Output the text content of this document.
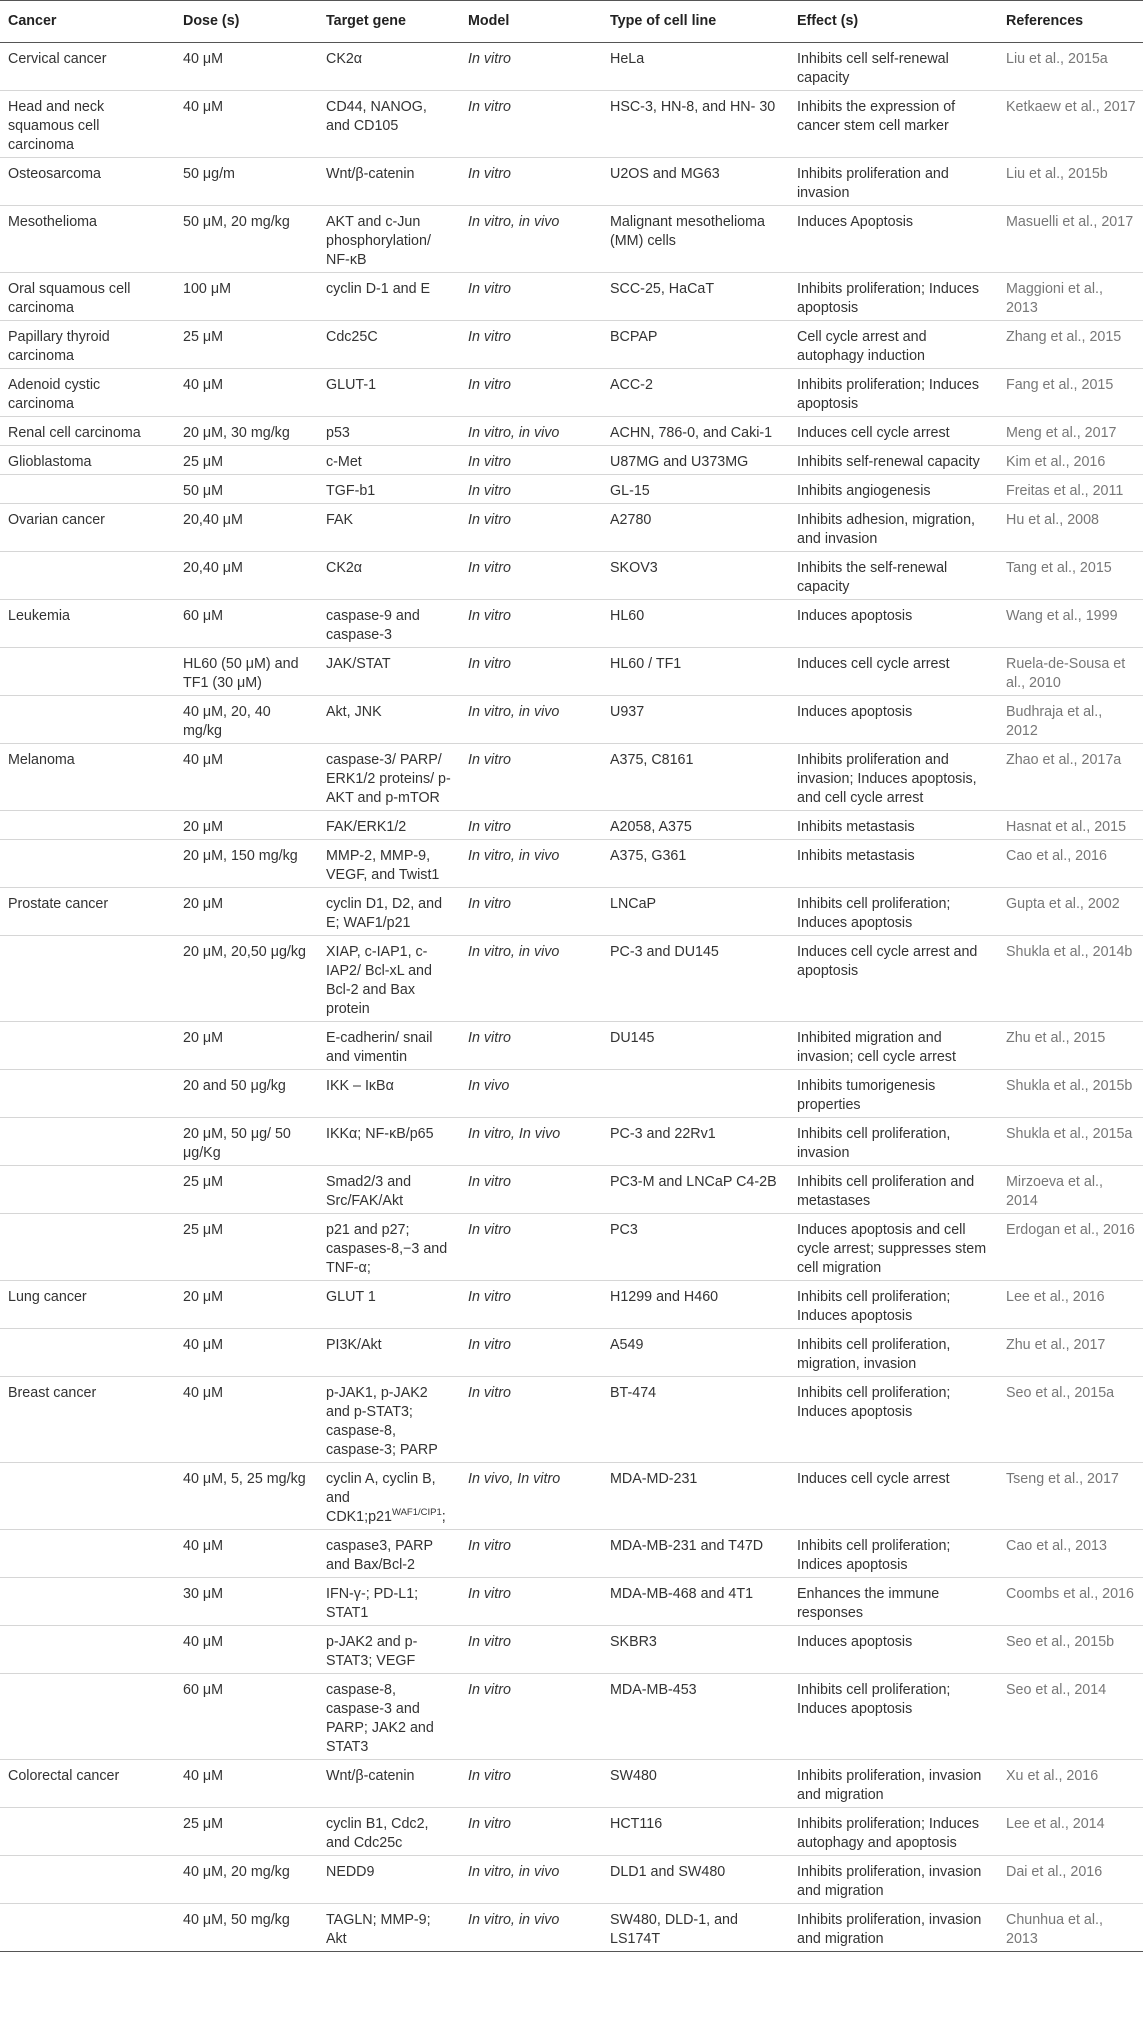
Cancer	Dose (s)	Target gene	Model	Type of cell line	Effect (s)	References
Cervical cancer	40 μM	CK2α	In vitro	HeLa	Inhibits cell self-renewal capacity	Liu et al., 2015a
Head and neck squamous cell carcinoma	40 μM	CD44, NANOG, and CD105	In vitro	HSC-3, HN-8, and HN- 30	Inhibits the expression of cancer stem cell marker	Ketkaew et al., 2017
Osteosarcoma	50 μg/m	Wnt/β-catenin	In vitro	U2OS and MG63	Inhibits proliferation and invasion	Liu et al., 2015b
Mesothelioma	50 μM, 20 mg/kg	AKT and c-Jun phosphorylation/ NF-κB	In vitro, in vivo	Malignant mesothelioma (MM) cells	Induces Apoptosis	Masuelli et al., 2017
Oral squamous cell carcinoma	100 μM	cyclin D-1 and E	In vitro	SCC-25, HaCaT	Inhibits proliferation; Induces apoptosis	Maggioni et al., 2013
Papillary thyroid carcinoma	25 μM	Cdc25C	In vitro	BCPAP	Cell cycle arrest and autophagy induction	Zhang et al., 2015
Adenoid cystic carcinoma	40 μM	GLUT-1	In vitro	ACC-2	Inhibits proliferation; Induces apoptosis	Fang et al., 2015
Renal cell carcinoma	20 μM, 30 mg/kg	p53	In vitro, in vivo	ACHN, 786-0, and Caki-1	Induces cell cycle arrest	Meng et al., 2017
Glioblastoma	25 μM	c-Met	In vitro	U87MG and U373MG	Inhibits self-renewal capacity	Kim et al., 2016
	50 μM	TGF-b1	In vitro	GL-15	Inhibits angiogenesis	Freitas et al., 2011
Ovarian cancer	20,40 μM	FAK	In vitro	A2780	Inhibits adhesion, migration, and invasion	Hu et al., 2008
	20,40 μM	CK2α	In vitro	SKOV3	Inhibits the self-renewal capacity	Tang et al., 2015
Leukemia	60 μM	caspase-9 and caspase-3	In vitro	HL60	Induces apoptosis	Wang et al., 1999
	HL60 (50 μM) and TF1 (30 μM)	JAK/STAT	In vitro	HL60 / TF1	Induces cell cycle arrest	Ruela-de-Sousa et al., 2010
	40 μM, 20, 40 mg/kg	Akt, JNK	In vitro, in vivo	U937	Induces apoptosis	Budhraja et al., 2012
Melanoma	40 μM	caspase-3/ PARP/ ERK1/2 proteins/ p-AKT and p-mTOR	In vitro	A375, C8161	Inhibits proliferation and invasion; Induces apoptosis, and cell cycle arrest	Zhao et al., 2017a
	20 μM	FAK/ERK1/2	In vitro	A2058, A375	Inhibits metastasis	Hasnat et al., 2015
	20 μM, 150 mg/kg	MMP-2, MMP-9, VEGF, and Twist1	In vitro, in vivo	A375, G361	Inhibits metastasis	Cao et al., 2016
Prostate cancer	20 μM	cyclin D1, D2, and E; WAF1/p21	In vitro	LNCaP	Inhibits cell proliferation; Induces apoptosis	Gupta et al., 2002
	20 μM, 20,50 μg/kg	XIAP, c-IAP1, c-IAP2/ Bcl-xL and Bcl-2 and Bax protein	In vitro, in vivo	PC-3 and DU145	Induces cell cycle arrest and apoptosis	Shukla et al., 2014b
	20 μM	E-cadherin/ snail and vimentin	In vitro	DU145	Inhibited migration and invasion; cell cycle arrest	Zhu et al., 2015
	20 and 50 μg/kg	IKK – IκBα	In vivo		Inhibits tumorigenesis properties	Shukla et al., 2015b
	20 μM, 50 μg/ 50 μg/Kg	IKKα; NF-κB/p65	In vitro, In vivo	PC-3 and 22Rv1	Inhibits cell proliferation, invasion	Shukla et al., 2015a
	25 μM	Smad2/3 and Src/FAK/Akt	In vitro	PC3-M and LNCaP C4-2B	Inhibits cell proliferation and metastases	Mirzoeva et al., 2014
	25 μM	p21 and p27; caspases-8,−3 and TNF-α;	In vitro	PC3	Induces apoptosis and cell cycle arrest; suppresses stem cell migration	Erdogan et al., 2016
Lung cancer	20 μM	GLUT 1	In vitro	H1299 and H460	Inhibits cell proliferation; Induces apoptosis	Lee et al., 2016
	40 μM	PI3K/Akt	In vitro	A549	Inhibits cell proliferation, migration, invasion	Zhu et al., 2017
Breast cancer	40 μM	p-JAK1, p-JAK2 and p-STAT3; caspase-8, caspase-3; PARP	In vitro	BT-474	Inhibits cell proliferation; Induces apoptosis	Seo et al., 2015a
	40 μM, 5, 25 mg/kg	cyclin A, cyclin B, and $CDK1;p21^{WAF1/CIP1}$;	In vivo, In vitro	MDA-MD-231	Induces cell cycle arrest	Tseng et al., 2017
	40 μM	caspase3, PARP and Bax/Bcl-2	In vitro	MDA-MB-231 and T47D	Inhibits cell proliferation; Indices apoptosis	Cao et al., 2013
	30 μM	IFN-γ-; PD-L1; STAT1	In vitro	MDA-MB-468 and 4T1	Enhances the immune responses	Coombs et al., 2016
	40 μM	p-JAK2 and p-STAT3; VEGF	In vitro	SKBR3	Induces apoptosis	Seo et al., 2015b
	60 μM	caspase-8, caspase-3 and PARP; JAK2 and STAT3	In vitro	MDA-MB-453	Inhibits cell proliferation; Induces apoptosis	Seo et al., 2014
Colorectal cancer	40 μM	Wnt/β-catenin	In vitro	SW480	Inhibits proliferation, invasion and migration	Xu et al., 2016
	25 μM	cyclin B1, Cdc2, and Cdc25c	In vitro	HCT116	Inhibits proliferation; Induces autophagy and apoptosis	Lee et al., 2014
	40 μM, 20 mg/kg	NEDD9	In vitro, in vivo	DLD1 and SW480	Inhibits proliferation, invasion and migration	Dai et al., 2016
	40 μM, 50 mg/kg	TAGLN; MMP-9; Akt	In vitro, in vivo	SW480, DLD-1, and LS174T	Inhibits proliferation, invasion and migration	Chunhua et al., 2013
